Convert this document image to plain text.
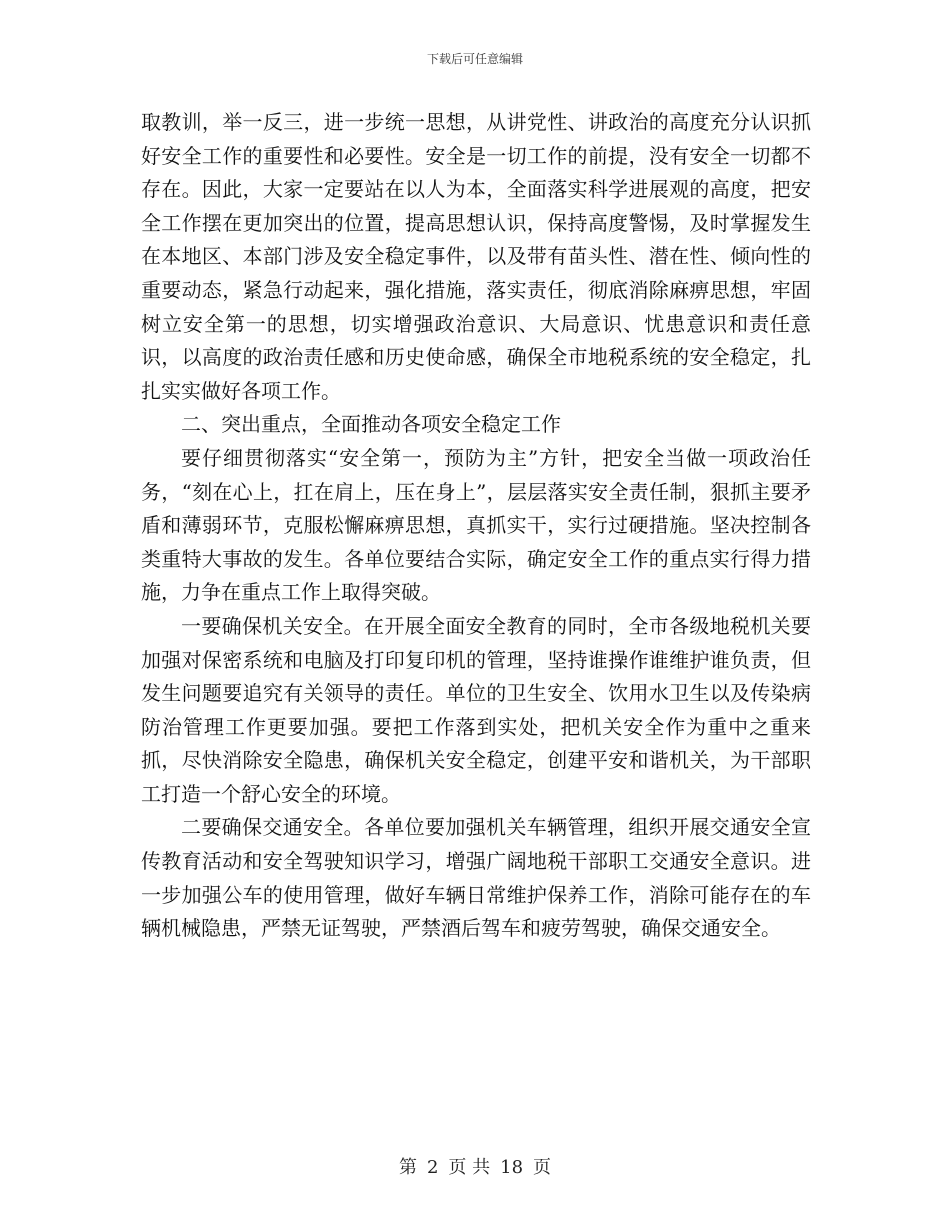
下载后可任意编辑

取教训，举一反三，进一步统一思想，从讲党性、讲政治的高度充分认识抓好安全工作的重要性和必要性。安全是一切工作的前提，没有安全一切都不存在。因此，大家一定要站在以人为本，全面落实科学进展观的高度，把安全工作摆在更加突出的位置，提高思想认识，保持高度警惕，及时掌握发生在本地区、本部门涉及安全稳定事件，以及带有苗头性、潜在性、倾向性的重要动态，紧急行动起来，强化措施，落实责任，彻底消除麻痹思想，牢固树立安全第一的思想，切实增强政治意识、大局意识、忧患意识和责任意识，以高度的政治责任感和历史使命感，确保全市地税系统的安全稳定，扎扎实实做好各项工作。

二、突出重点，全面推动各项安全稳定工作

要仔细贯彻落实“安全第一，预防为主”方针，把安全当做一项政治任务，“刻在心上，扛在肩上，压在身上”，层层落实安全责任制，狠抓主要矛盾和薄弱环节，克服松懈麻痹思想，真抓实干，实行过硬措施。坚决控制各类重特大事故的发生。各单位要结合实际，确定安全工作的重点实行得力措施，力争在重点工作上取得突破。

一要确保机关安全。在开展全面安全教育的同时，全市各级地税机关要加强对保密系统和电脑及打印复印机的管理，坚持谁操作谁维护谁负责，但发生问题要追究有关领导的责任。单位的卫生安全、饮用水卫生以及传染病防治管理工作更要加强。要把工作落到实处，把机关安全作为重中之重来抓，尽快消除安全隐患，确保机关安全稳定，创建平安和谐机关，为干部职工打造一个舒心安全的环境。

二要确保交通安全。各单位要加强机关车辆管理，组织开展交通安全宣传教育活动和安全驾驶知识学习，增强广阔地税干部职工交通安全意识。进一步加强公车的使用管理，做好车辆日常维护保养工作，消除可能存在的车辆机械隐患，严禁无证驾驶，严禁酒后驾车和疲劳驾驶，确保交通安全。

第 2 页 共 18 页
